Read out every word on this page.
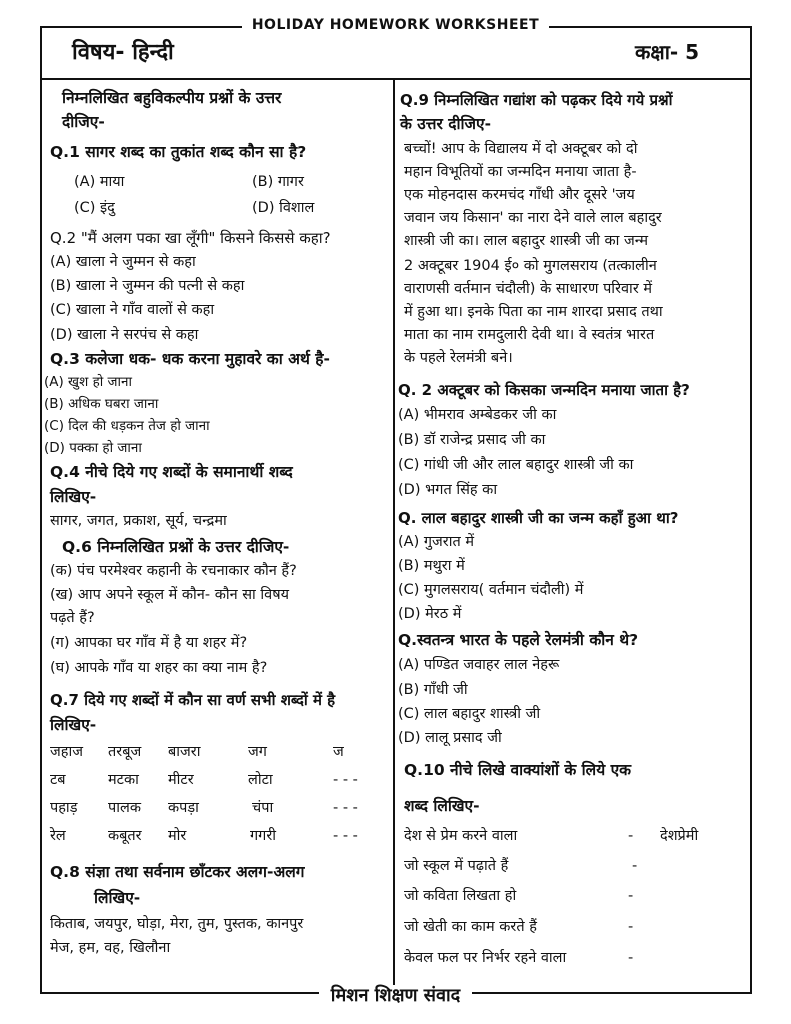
HOLIDAY HOMEWORK WORKSHEET
विषय- हिन्दी	कक्षा- 5
मिशन शिक्षण संवाद
निम्नलिखित बहुविकल्पीय प्रश्नों के उत्तर
दीजिए-
Q.1 सागर शब्द का तुकांत शब्द कौन सा है?
(A) माया	(B) गागर
(C) इंदु	(D) विशाल
Q.2 "मैं अलग पका खा लूँगी" किसने किससे कहा?
(A) खाला ने जुम्मन से कहा
(B) खाला ने जुम्मन की पत्नी से कहा
(C) खाला ने गाँव वालों से कहा
(D) खाला ने सरपंच से कहा
Q.3 कलेजा धक- धक करना मुहावरे का अर्थ है-
(A) खुश हो जाना
(B) अधिक घबरा जाना
(C) दिल की धड़कन तेज हो जाना
(D) पक्का हो जाना
Q.4 नीचे दिये गए शब्दों के समानार्थी शब्द
लिखिए-
सागर, जगत, प्रकाश, सूर्य, चन्द्रमा
Q.6 निम्नलिखित प्रश्नों के उत्तर दीजिए-
(क) पंच परमेश्वर कहानी के रचनाकार कौन हैं?
(ख) आप अपने स्कूल में कौन- कौन सा विषय
पढ़ते हैं?
(ग) आपका घर गाँव में है या शहर में?
(घ) आपके गाँव या शहर का क्या नाम है?
Q.7 दिये गए शब्दों में कौन सा वर्ण सभी शब्दों में है
लिखिए-
जहाज तरबूज बाजरा	जग	ज
टब	मटका मीटर	लोटा	- - -
पहाड़ पालक कपड़ा	चंपा	- - -
रेल	कबूतर मोर	गगरी	- - -
Q.8 संज्ञा तथा सर्वनाम छाँटकर अलग-अलग
लिखिए-
किताब, जयपुर, घोड़ा, मेरा, तुम, पुस्तक, कानपुर
मेज, हम, वह, खिलौना
Q.9 निम्नलिखित गद्यांश को पढ़कर दिये गये प्रश्नों
के उत्तर दीजिए-
बच्चों! आप के विद्यालय में दो अक्टूबर को दो
महान विभूतियों का जन्मदिन मनाया जाता है-
एक मोहनदास करमचंद गाँधी और दूसरे 'जय
जवान जय किसान' का नारा देने वाले लाल बहादुर
शास्त्री जी का। लाल बहादुर शास्त्री जी का जन्म
2 अक्टूबर 1904 ई० को मुगलसराय (तत्कालीन
वाराणसी वर्तमान चंदौली) के साधारण परिवार में
में हुआ था। इनके पिता का नाम शारदा प्रसाद तथा
माता का नाम रामदुलारी देवी था। वे स्वतंत्र भारत
के पहले रेलमंत्री बने।
Q. 2 अक्टूबर को किसका जन्मदिन मनाया जाता है?
(A) भीमराव अम्बेडकर जी का
(B) डॉ राजेन्द्र प्रसाद जी का
(C) गांधी जी और लाल बहादुर शास्त्री जी का
(D) भगत सिंह का
Q. लाल बहादुर शास्त्री जी का जन्म कहाँ हुआ था?
(A) गुजरात में
(B) मथुरा में
(C) मुगलसराय( वर्तमान चंदौली) में
(D) मेरठ में
Q.स्वतन्त्र भारत के पहले रेलमंत्री कौन थे?
(A) पण्डित जवाहर लाल नेहरू
(B) गाँधी जी
(C) लाल बहादुर शास्त्री जी
(D) लालू प्रसाद जी
Q.10 नीचे लिखे वाक्यांशों के लिये एक
शब्द लिखिए-
देश से प्रेम करने वाला	- देशप्रेमी
जो स्कूल में पढ़ाते हैं	-
जो कविता लिखता हो	-
जो खेती का काम करते हैं	-
केवल फल पर निर्भर रहने वाला	-
